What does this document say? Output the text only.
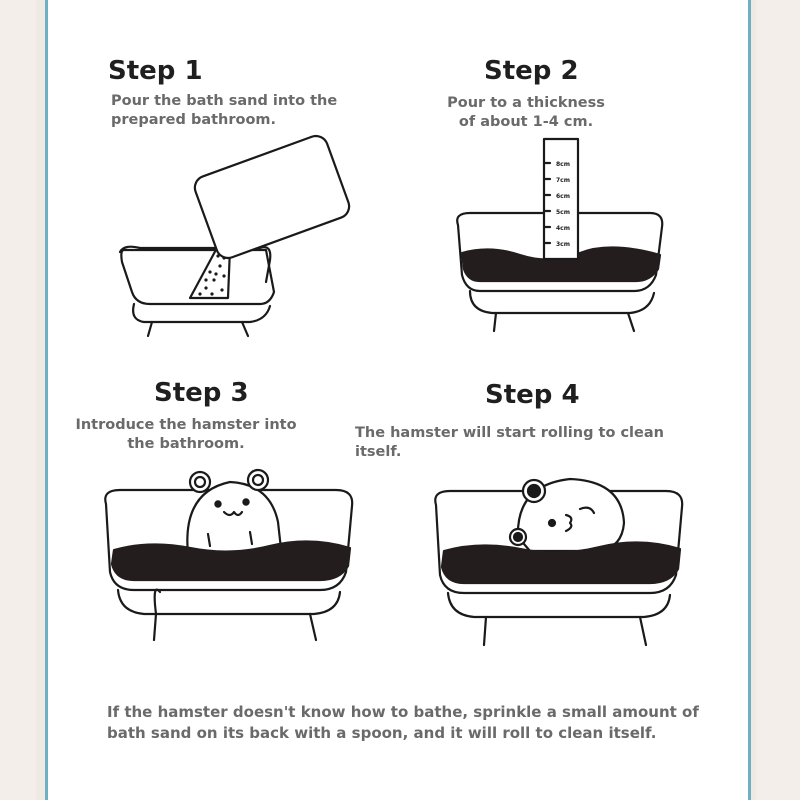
Step 1

Pour the bath sand into the prepared bathroom.

Step 2

Pour to a thickness of about 1-4 cm.

8cm
7cm
6cm
5cm
4cm
3cm
Step 3

Introduce the hamster into the bathroom.

Step 4

The hamster will start rolling to clean itself.

If the hamster doesn't know how to bathe, sprinkle a small amount of bath sand on its back with a spoon, and it will roll to clean itself.
